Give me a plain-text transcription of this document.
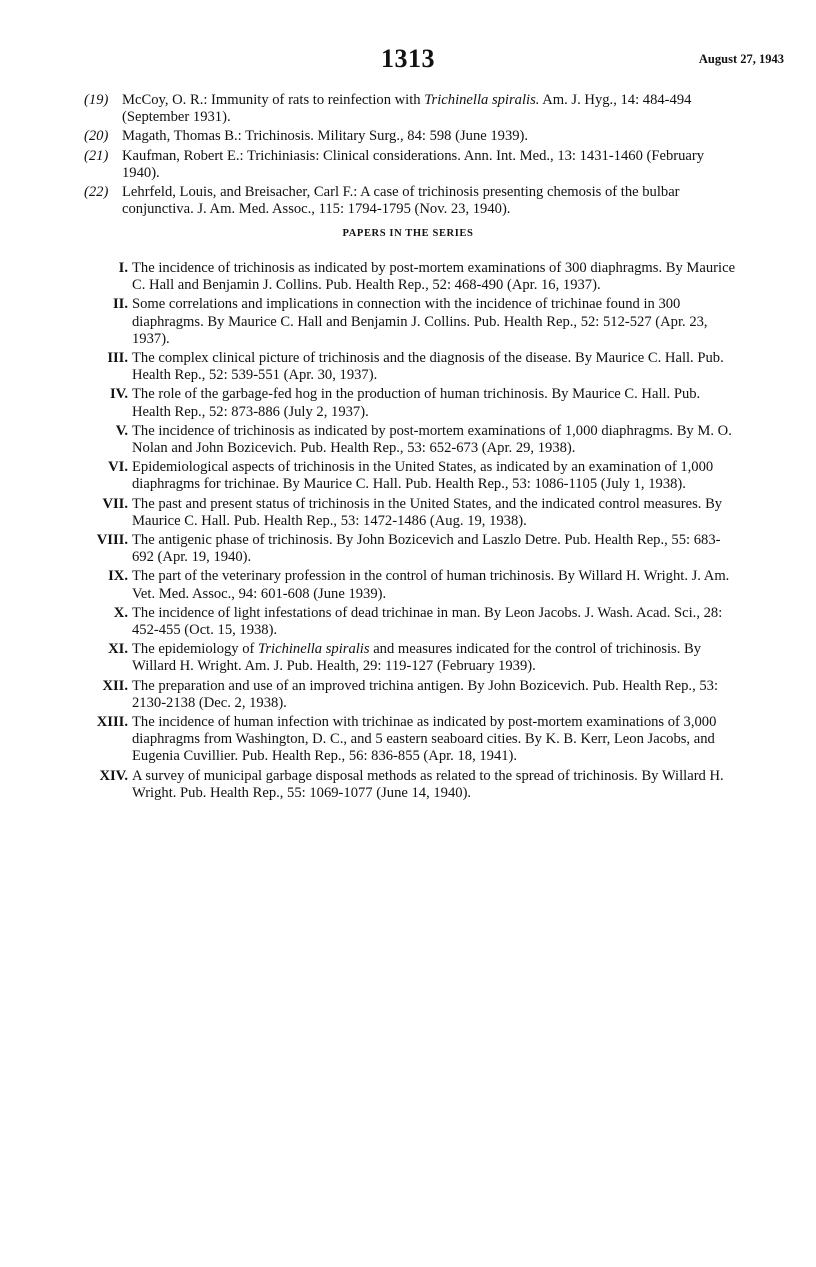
1313	August 27, 1943
(19) McCoy, O. R.: Immunity of rats to reinfection with Trichinella spiralis. Am. J. Hyg., 14: 484-494 (September 1931).
(20) Magath, Thomas B.: Trichinosis. Military Surg., 84: 598 (June 1939).
(21) Kaufman, Robert E.: Trichiniasis: Clinical considerations. Ann. Int. Med., 13: 1431-1460 (February 1940).
(22) Lehrfeld, Louis, and Breisacher, Carl F.: A case of trichinosis presenting chemosis of the bulbar conjunctiva. J. Am. Med. Assoc., 115: 1794-1795 (Nov. 23, 1940).
PAPERS IN THE SERIES
I. The incidence of trichinosis as indicated by post-mortem examinations of 300 diaphragms. By Maurice C. Hall and Benjamin J. Collins. Pub. Health Rep., 52: 468-490 (Apr. 16, 1937).
II. Some correlations and implications in connection with the incidence of trichinae found in 300 diaphragms. By Maurice C. Hall and Benjamin J. Collins. Pub. Health Rep., 52: 512-527 (Apr. 23, 1937).
III. The complex clinical picture of trichinosis and the diagnosis of the disease. By Maurice C. Hall. Pub. Health Rep., 52: 539-551 (Apr. 30, 1937).
IV. The role of the garbage-fed hog in the production of human trichinosis. By Maurice C. Hall. Pub. Health Rep., 52: 873-886 (July 2, 1937).
V. The incidence of trichinosis as indicated by post-mortem examinations of 1,000 diaphragms. By M. O. Nolan and John Bozicevich. Pub. Health Rep., 53: 652-673 (Apr. 29, 1938).
VI. Epidemiological aspects of trichinosis in the United States, as indicated by an examination of 1,000 diaphragms for trichinae. By Maurice C. Hall. Pub. Health Rep., 53: 1086-1105 (July 1, 1938).
VII. The past and present status of trichinosis in the United States, and the indicated control measures. By Maurice C. Hall. Pub. Health Rep., 53: 1472-1486 (Aug. 19, 1938).
VIII. The antigenic phase of trichinosis. By John Bozicevich and Laszlo Detre. Pub. Health Rep., 55: 683-692 (Apr. 19, 1940).
IX. The part of the veterinary profession in the control of human trichinosis. By Willard H. Wright. J. Am. Vet. Med. Assoc., 94: 601-608 (June 1939).
X. The incidence of light infestations of dead trichinae in man. By Leon Jacobs. J. Wash. Acad. Sci., 28: 452-455 (Oct. 15, 1938).
XI. The epidemiology of Trichinella spiralis and measures indicated for the control of trichinosis. By Willard H. Wright. Am. J. Pub. Health, 29: 119-127 (February 1939).
XII. The preparation and use of an improved trichina antigen. By John Bozicevich. Pub. Health Rep., 53: 2130-2138 (Dec. 2, 1938).
XIII. The incidence of human infection with trichinae as indicated by post-mortem examinations of 3,000 diaphragms from Washington, D. C., and 5 eastern seaboard cities. By K. B. Kerr, Leon Jacobs, and Eugenia Cuvillier. Pub. Health Rep., 56: 836-855 (Apr. 18, 1941).
XIV. A survey of municipal garbage disposal methods as related to the spread of trichinosis. By Willard H. Wright. Pub. Health Rep., 55: 1069-1077 (June 14, 1940).
